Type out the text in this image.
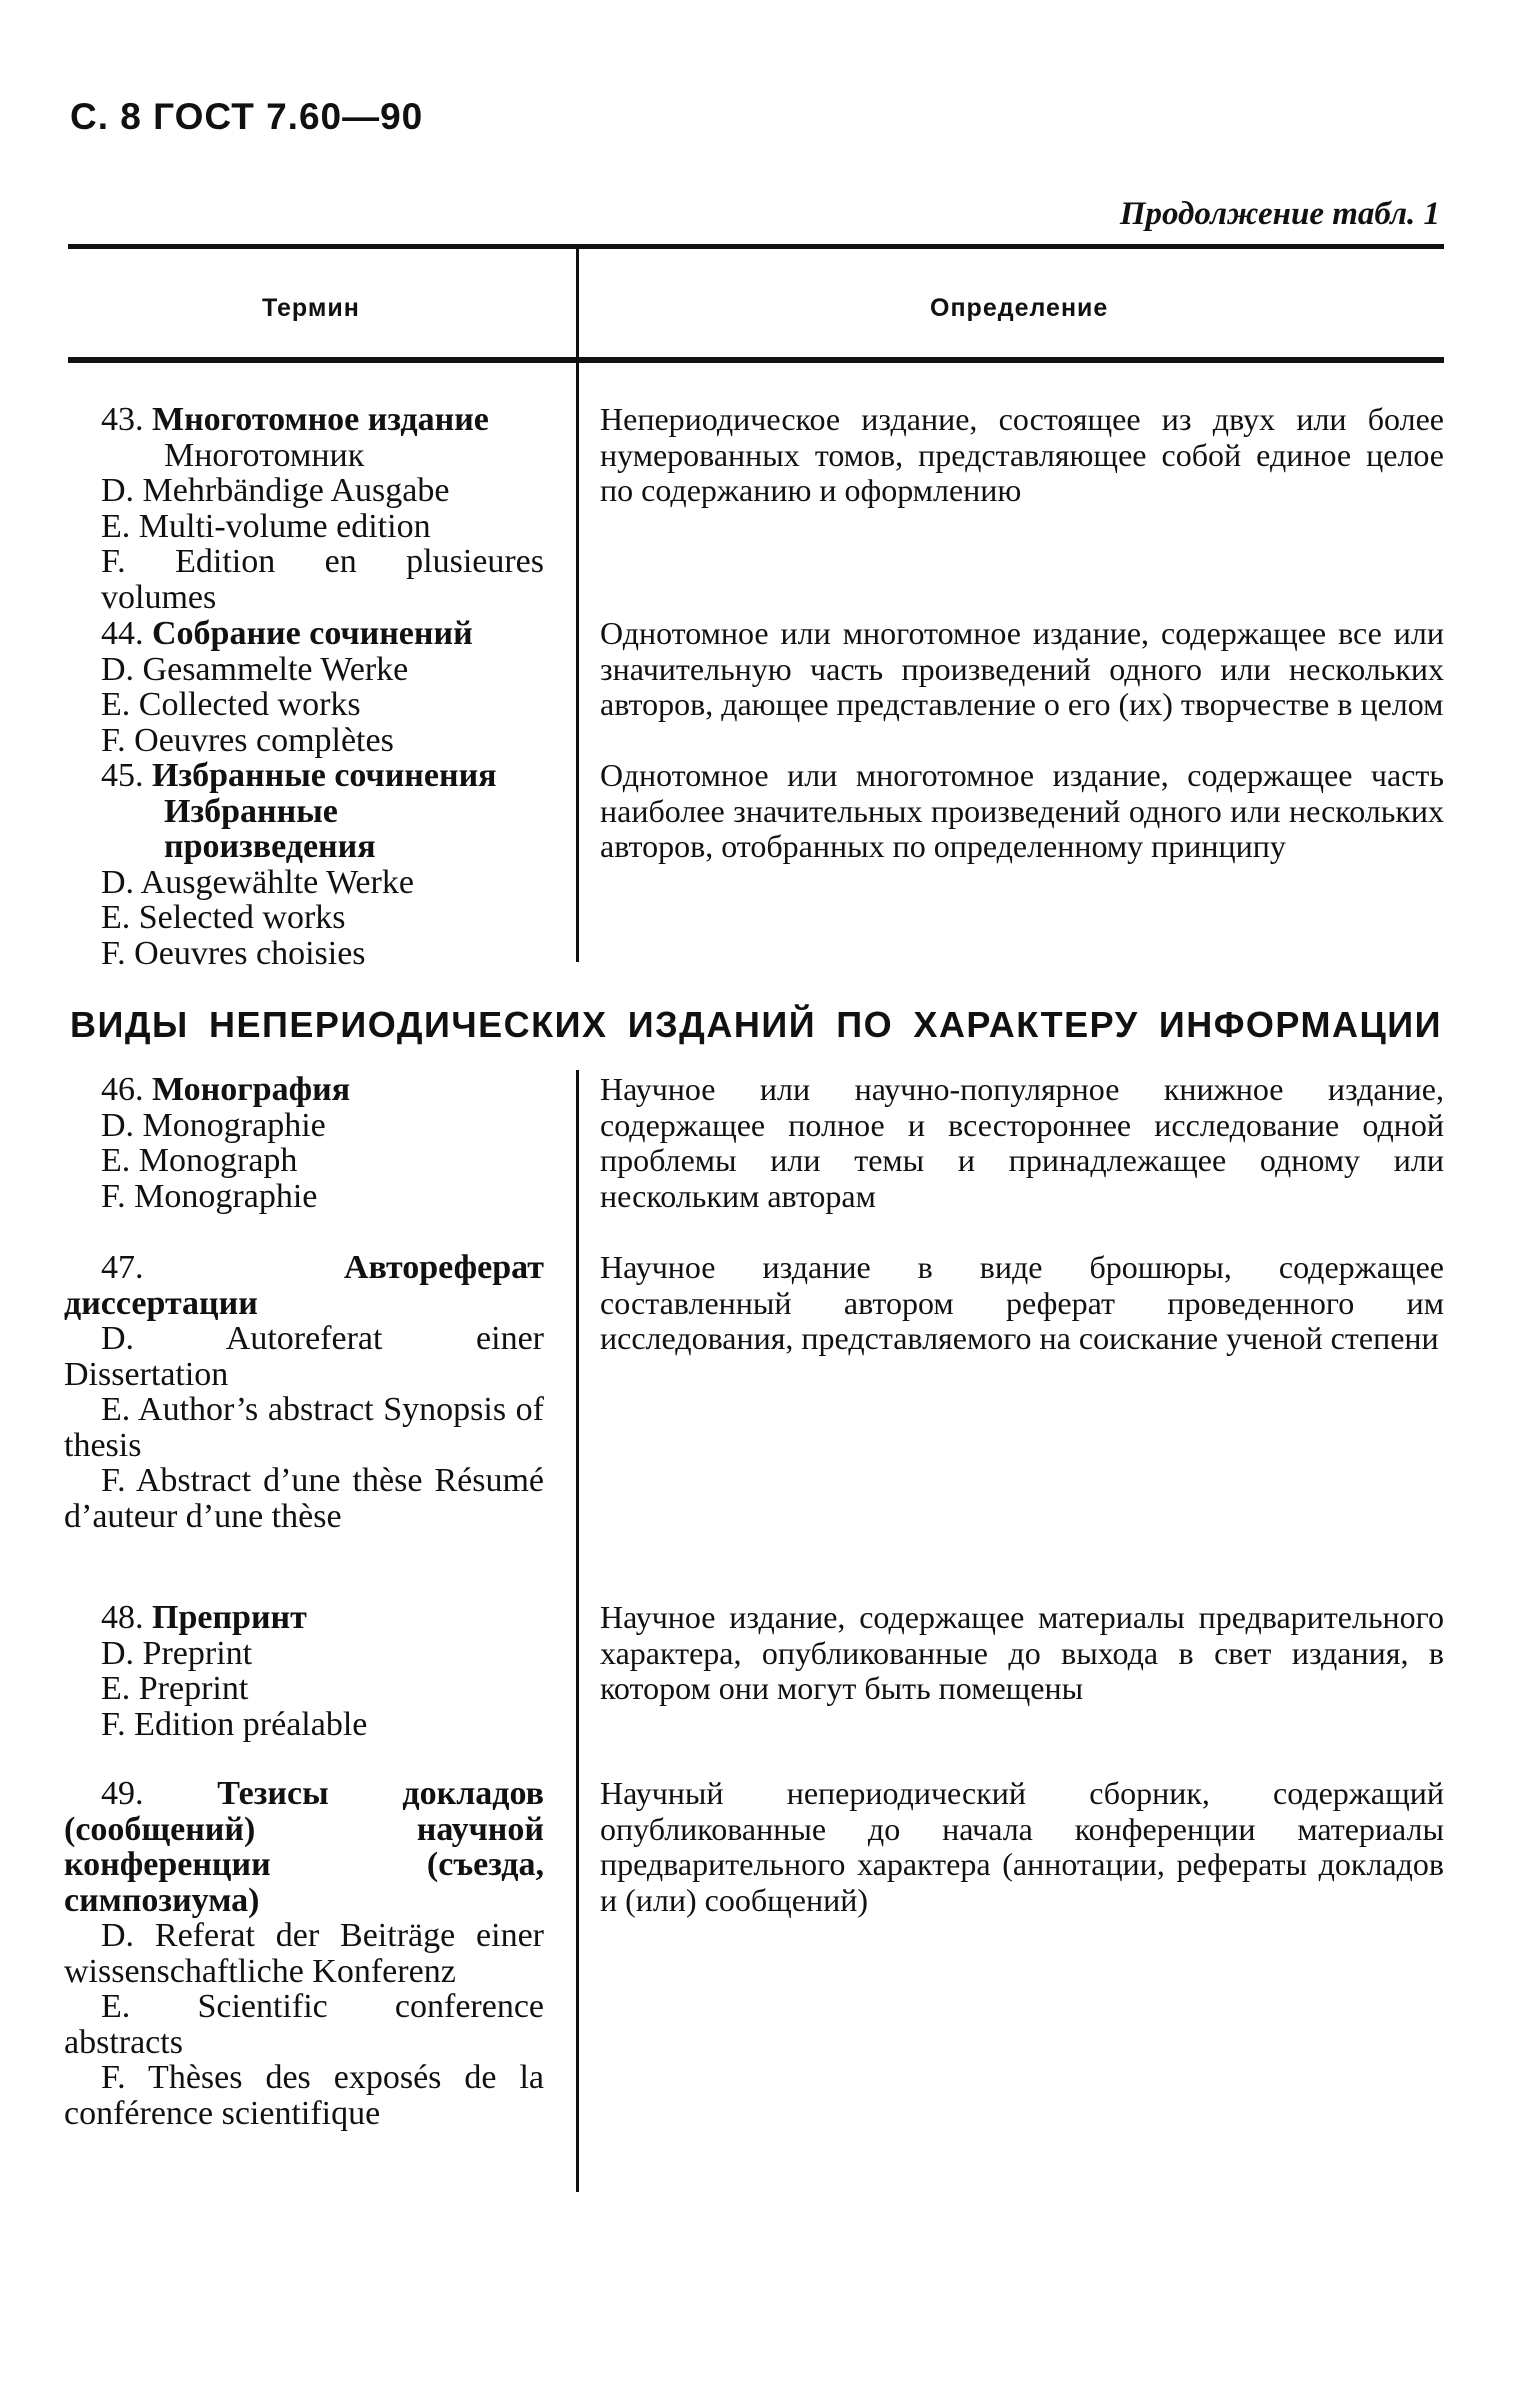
С. 8 ГОСТ 7.60—90
Продолжение табл. 1
Термин	Определение
ВИДЫ НЕПЕРИОДИЧЕСКИХ ИЗДАНИЙ ПО ХАРАКТЕРУ ИНФОРМАЦИИ
43. Многотомное издание
Многотомник
D. Mehrbändige Ausgabe
E. Multi-volume edition
F. Edition en plusieures volumes
Непериодическое издание, состоящее из двух или более нумерованных томов, представляющее собой единое целое по содержанию и оформлению
44. Собрание сочинений
D. Gesammelte Werke
E. Collected works
F. Oeuvres complètes
Однотомное или многотомное издание, содержащее все или значительную часть произведений одного или нескольких авторов, дающее представление о его (их) творчестве в целом
45. Избранные сочинения
Избранные произведения
D. Ausgewählte Werke
E. Selected works
F. Oeuvres choisies
Однотомное или многотомное издание, содержащее часть наиболее значительных произведений одного или нескольких авторов, отобранных по определенному принципу
46. Монография
D. Monographie
E. Monograph
F. Monographie
Научное или научно-популярное книжное издание, содержащее полное и всестороннее исследование одной проблемы или темы и принадлежащее одному или нескольким авторам
47.	Автореферат диссертации
D. Autoreferat einer Dissertation
E. Author’s abstract Synopsis of thesis
F. Abstract d’une thèse Résumé d’auteur d’une thèse
Научное издание в виде брошюры, содержащее составленный автором реферат проведенного им исследования, представляемого на соискание ученой степени
48. Препринт
D. Preprint
E. Preprint
F. Edition préalable
Научное издание, содержащее материалы предварительного характера, опубликованные до выхода в свет издания, в котором они могут быть помещены
49. Тезисы докладов (сообщений) научной конференции (съезда, симпозиума)
D. Referat der Beiträge einer wissenschaftliche Konferenz
E. Scientific conference abstracts
F. Thèses des exposés de la conférence scientifique
Научный непериодический сборник, содержащий опубликованные до начала конференции материалы предварительного характера (аннотации, рефераты докладов и (или) сообщений)
